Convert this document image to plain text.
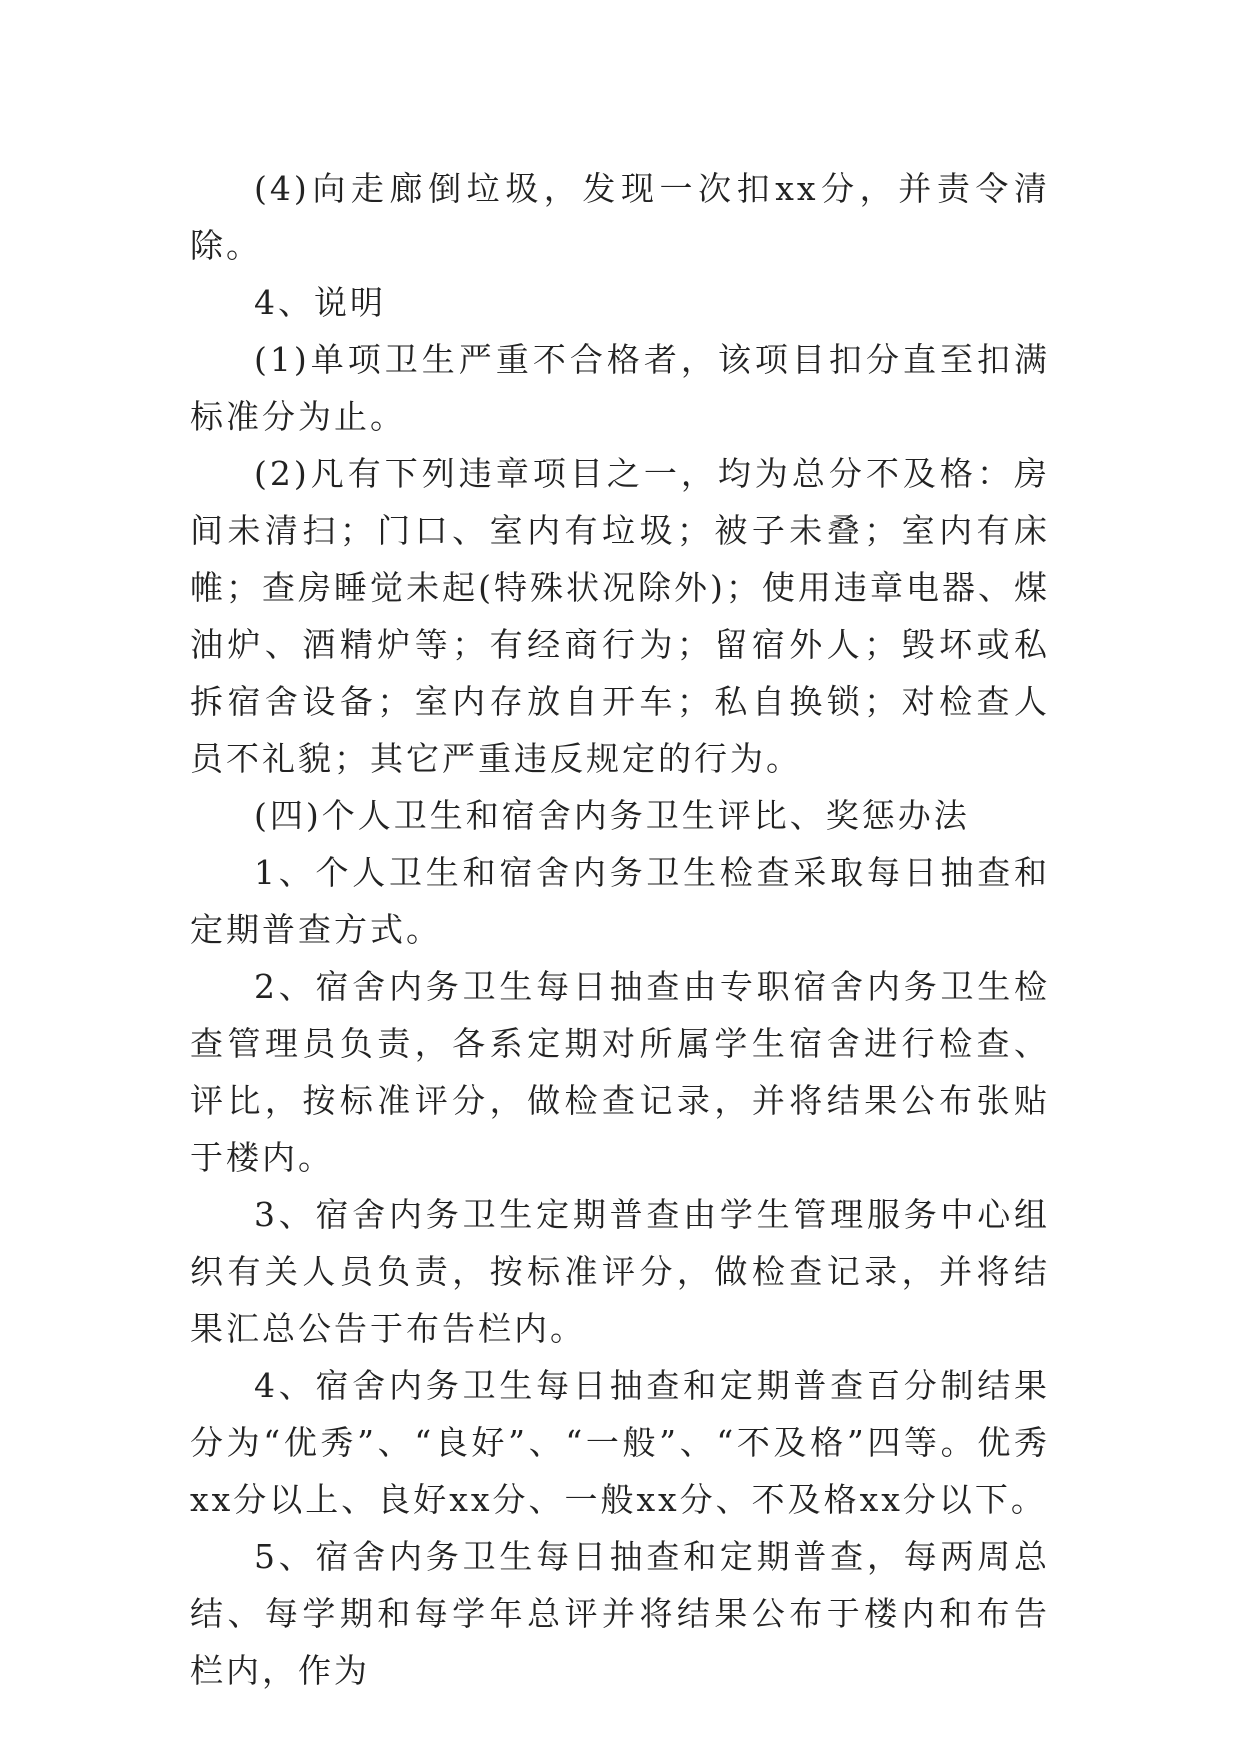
(4)向走廊倒垃圾，发现一次扣xx分，并责令清除。

4、说明

(1)单项卫生严重不合格者，该项目扣分直至扣满标准分为止。

(2)凡有下列违章项目之一，均为总分不及格：房间未清扫；门口、室内有垃圾；被子未叠；室内有床帷；查房睡觉未起(特殊状况除外)；使用违章电器、煤油炉、酒精炉等；有经商行为；留宿外人；毁坏或私拆宿舍设备；室内存放自开车；私自换锁；对检查人员不礼貌；其它严重违反规定的行为。

(四)个人卫生和宿舍内务卫生评比、奖惩办法

1、个人卫生和宿舍内务卫生检查采取每日抽查和定期普查方式。

2、宿舍内务卫生每日抽查由专职宿舍内务卫生检查管理员负责，各系定期对所属学生宿舍进行检查、评比，按标准评分，做检查记录，并将结果公布张贴于楼内。

3、宿舍内务卫生定期普查由学生管理服务中心组织有关人员负责，按标准评分，做检查记录，并将结果汇总公告于布告栏内。

4、宿舍内务卫生每日抽查和定期普查百分制结果分为“优秀”、“良好”、“一般”、“不及格”四等。优秀xx分以上、良好xx分、一般xx分、不及格xx分以下。

5、宿舍内务卫生每日抽查和定期普查，每两周总结、每学期和每学年总评并将结果公布于楼内和布告栏内，作为
